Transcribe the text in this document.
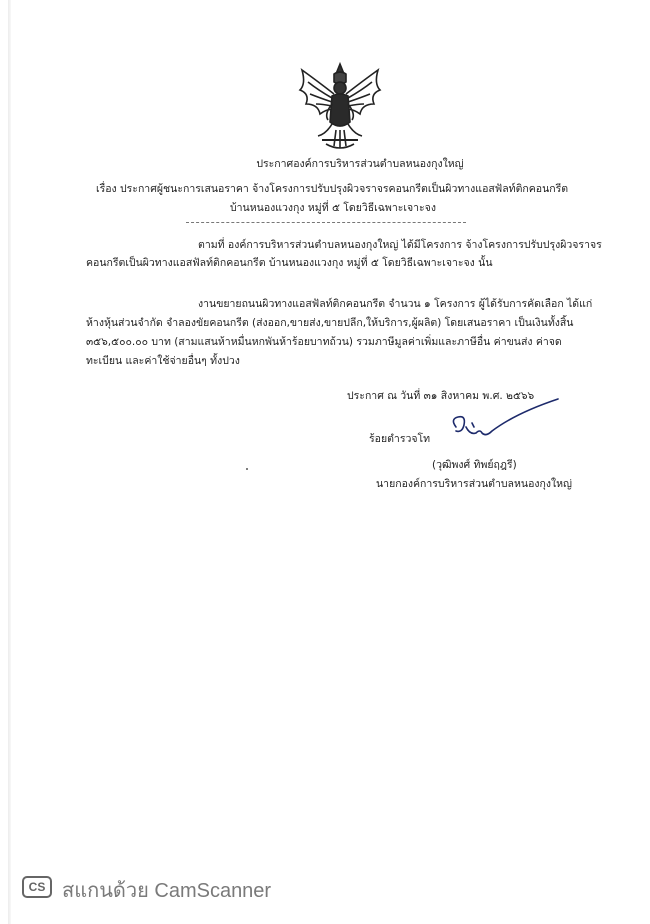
ประกาศองค์การบริหารส่วนตำบลหนองกุงใหญ่
เรื่อง ประกาศผู้ชนะการเสนอราคา จ้างโครงการปรับปรุงผิวจราจรคอนกรีตเป็นผิวทางแอสฟัลท์ติกคอนกรีต
บ้านหนองแวงกุง หมู่ที่ ๕ โดยวิธีเฉพาะเจาะจง
ตามที่ องค์การบริหารส่วนตำบลหนองกุงใหญ่ ได้มีโครงการ จ้างโครงการปรับปรุงผิวจราจร
คอนกรีตเป็นผิวทางแอสฟัลท์ติกคอนกรีต บ้านหนองแวงกุง หมู่ที่ ๕ โดยวิธีเฉพาะเจาะจง นั้น
งานขยายถนนผิวทางแอสฟัลท์ติกคอนกรีต จำนวน ๑ โครงการ ผู้ได้รับการคัดเลือก ได้แก่
ห้างหุ้นส่วนจำกัด จำลองขัยคอนกรีต (ส่งออก,ขายส่ง,ขายปลีก,ให้บริการ,ผู้ผลิต) โดยเสนอราคา เป็นเงินทั้งสิ้น
๓๕๖,๕๐๐.๐๐ บาท (สามแสนห้าหมื่นหกพันห้าร้อยบาทถ้วน) รวมภาษีมูลค่าเพิ่มและภาษีอื่น ค่าขนส่ง ค่าจด
ทะเบียน และค่าใช้จ่ายอื่นๆ ทั้งปวง
ประกาศ ณ วันที่ ๓๑ สิงหาคม พ.ศ. ๒๕๖๖
ร้อยตำรวจโท
(วุฒิพงศ์ ทิพย์ฤฎรี)
นายกองค์การบริหารส่วนตำบลหนองกุงใหญ่
CS สแกนด้วย CamScanner
